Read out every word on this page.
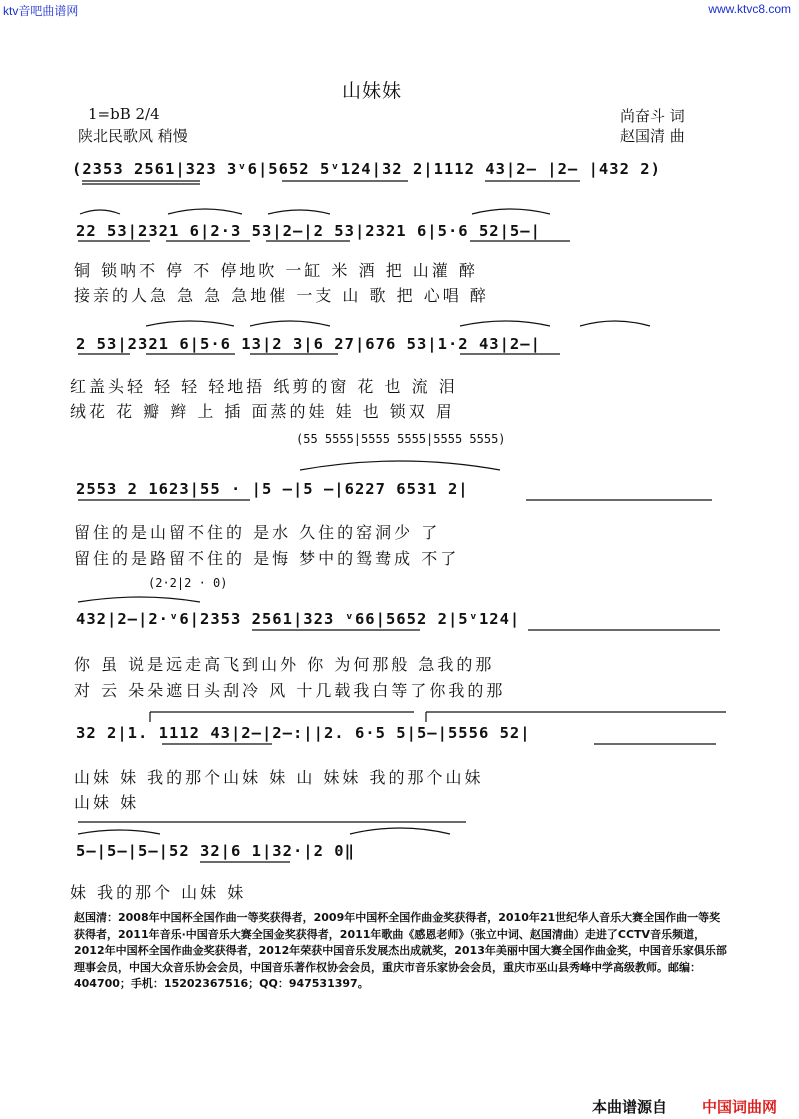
ktv音吧曲谱网	www.ktvc8.com
山妹妹
1=bB 2/4
陕北民歌风 稍慢
尚奋斗 词
赵国清 曲
(2353 2561|323 3ᵛ6|5652 5ᵛ124|32 2|1112 43|2— |2— |432 2)
22 53|2321 6|2·3 53|2—|2 53|2321 6|5·6 52|5—|
铜 锁呐不 停 不 停地吹 一缸 米 酒 把 山灌 醉
接亲的人急 急 急 急地催 一支 山 歌 把 心唱 醉
2 53|2321 6|5·6 13|2 3|6 27|676 53|1·2 43|2—|
红盖头轻 轻 轻 轻地捂 纸剪的窗 花 也 流 泪
绒花 花 瓣 辫 上 插 面蒸的娃 娃 也 锁双 眉
(55 5555|5555 5555|5555 5555)
2553 2 1623|55 · |5 —|5 —|6227 6531 2|
留住的是山留不住的 是水 久住的窑洞少 了
留住的是路留不住的 是悔 梦中的鸳鸯成 不了
(2·2|2 · 0)
432|2—|2·ᵛ6|2353 2561|323 ᵛ66|5652 2|5ᵛ124|
你 虽 说是远走高飞到山外 你 为何那般 急我的那
对 云 朵朵遮日头刮冷 风 十几载我白等了你我的那
32 2|1. 1112 43|2—|2—:||2. 6·5 5|5—|5556 52|
山妹 妹 我的那个山妹 妹 山 妹妹 我的那个山妹
山妹 妹
5—|5—|5—|52 32|6 1|32·|2 0‖
妹 我的那个 山妹 妹
赵国清：2008年中国杯全国作曲一等奖获得者，2009年中国杯全国作曲金奖获得者，2010年21世纪华人音乐大赛全国作曲一等奖获得者，2011年音乐·中国音乐大赛全国金奖获得者，2011年歌曲《感恩老师》（张立中词、赵国清曲）走进了CCTV音乐频道，2012年中国杯全国作曲金奖获得者，2012年荣获中国音乐发展杰出成就奖，2013年美丽中国大赛全国作曲金奖，中国音乐家俱乐部理事会员，中国大众音乐协会会员，中国音乐著作权协会会员，重庆市音乐家协会会员，重庆市巫山县秀峰中学高级教师。邮编：404700；手机：15202367516；QQ：947531397。
本曲谱源自 中国词曲网
